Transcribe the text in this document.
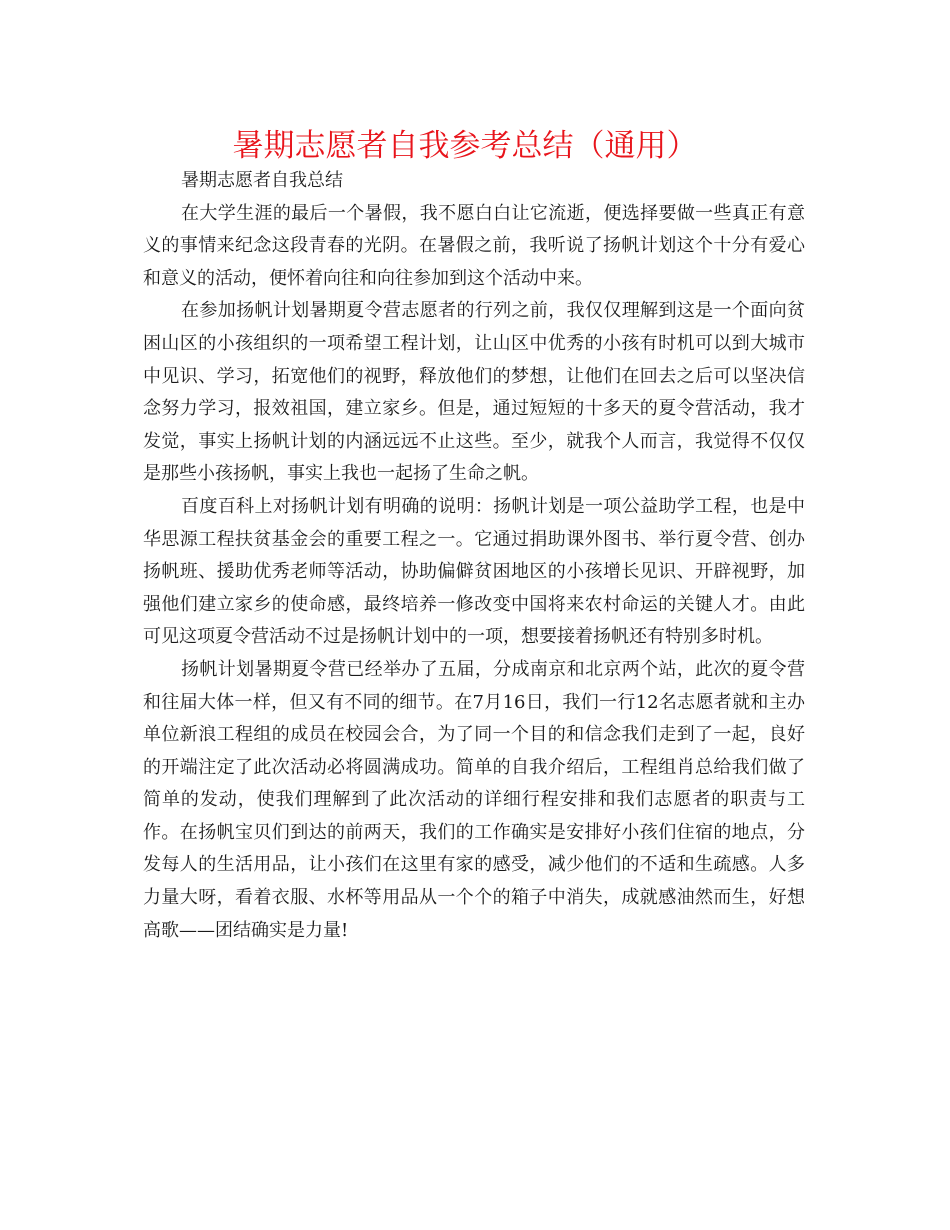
暑期志愿者自我参考总结（通用）

暑期志愿者自我总结

在大学生涯的最后一个暑假，我不愿白白让它流逝，便选择要做一些真正有意义的事情来纪念这段青春的光阴。在暑假之前，我听说了扬帆计划这个十分有爱心和意义的活动，便怀着向往和向往参加到这个活动中来。

在参加扬帆计划暑期夏令营志愿者的行列之前，我仅仅理解到这是一个面向贫困山区的小孩组织的一项希望工程计划，让山区中优秀的小孩有时机可以到大城市中见识、学习，拓宽他们的视野，释放他们的梦想，让他们在回去之后可以坚决信念努力学习，报效祖国，建立家乡。但是，通过短短的十多天的夏令营活动，我才发觉，事实上扬帆计划的内涵远远不止这些。至少，就我个人而言，我觉得不仅仅是那些小孩扬帆，事实上我也一起扬了生命之帆。

百度百科上对扬帆计划有明确的说明：扬帆计划是一项公益助学工程，也是中华思源工程扶贫基金会的重要工程之一。它通过捐助课外图书、举行夏令营、创办扬帆班、援助优秀老师等活动，协助偏僻贫困地区的小孩增长见识、开辟视野，加强他们建立家乡的使命感，最终培养一修改变中国将来农村命运的关键人才。由此可见这项夏令营活动不过是扬帆计划中的一项，想要接着扬帆还有特别多时机。

扬帆计划暑期夏令营已经举办了五届，分成南京和北京两个站，此次的夏令营和往届大体一样，但又有不同的细节。在7月16日，我们一行12名志愿者就和主办单位新浪工程组的成员在校园会合，为了同一个目的和信念我们走到了一起，良好的开端注定了此次活动必将圆满成功。简单的自我介绍后，工程组肖总给我们做了简单的发动，使我们理解到了此次活动的详细行程安排和我们志愿者的职责与工作。在扬帆宝贝们到达的前两天，我们的工作确实是安排好小孩们住宿的地点，分发每人的生活用品，让小孩们在这里有家的感受，减少他们的不适和生疏感。人多力量大呀，看着衣服、水杯等用品从一个个的箱子中消失，成就感油然而生，好想高歌——团结确实是力量!
